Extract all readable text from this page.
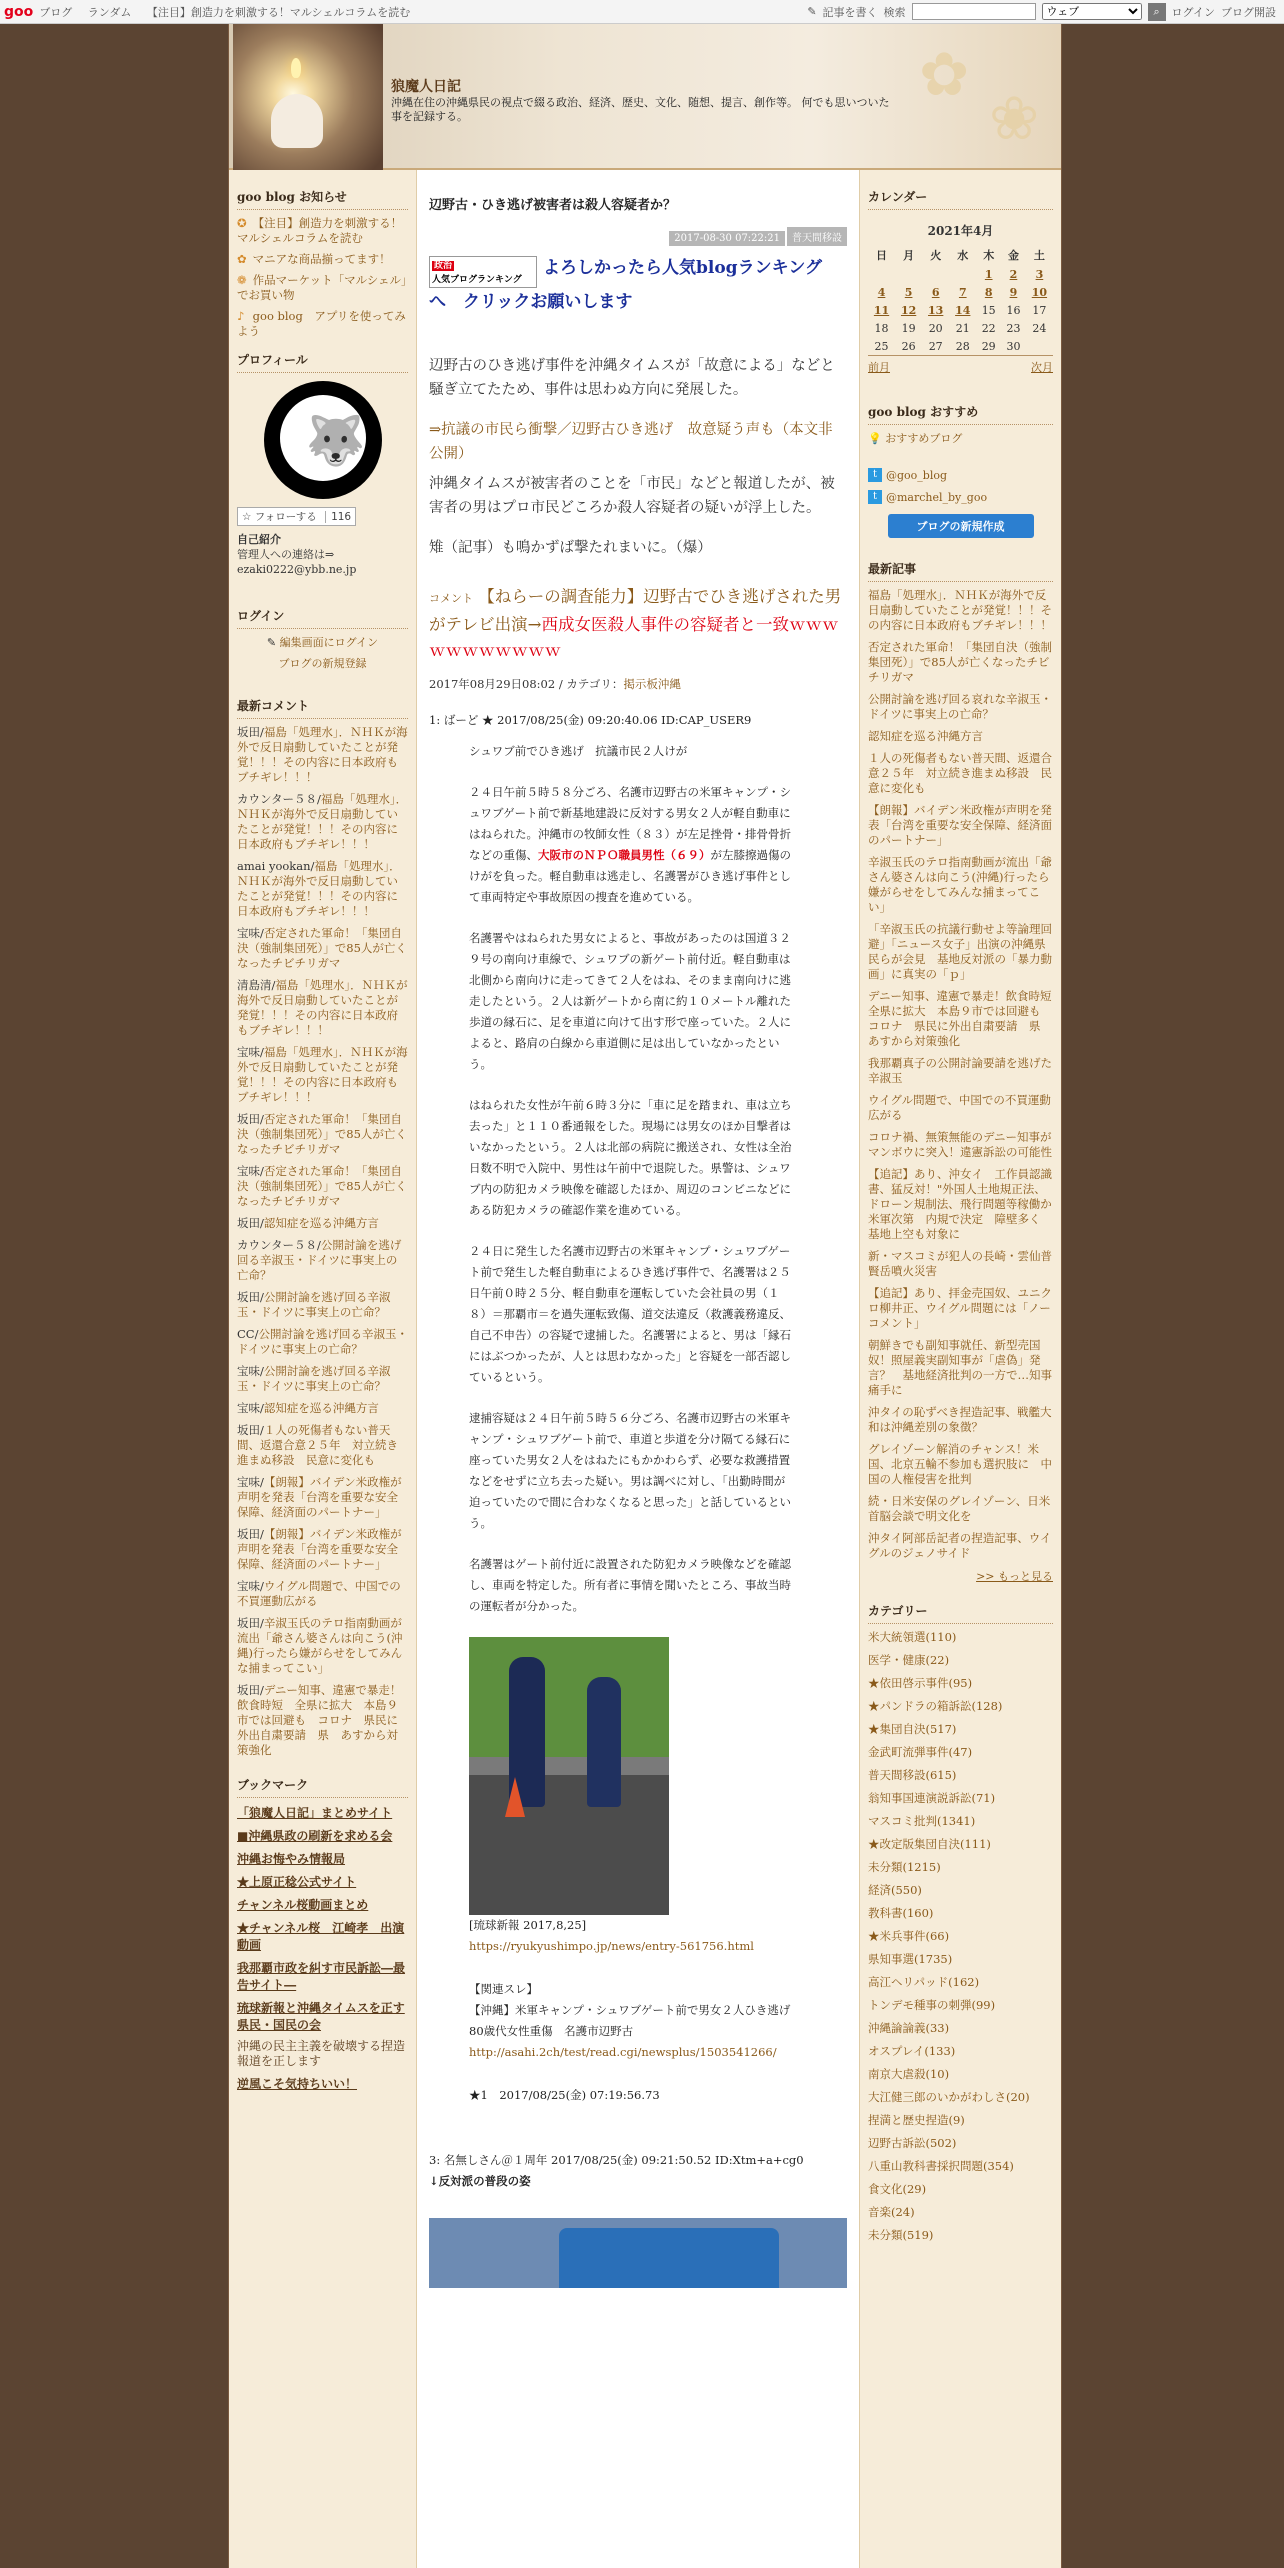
goo ブログ ランダム 【注目】創造力を刺激する！マルシェルコラムを読む	✎ 記事を書く 検索
ウェブ	⌕	ログイン ブログ開設
狼魔人日記
沖縄在住の沖縄県民の視点で綴る政治、経済、歴史、文化、随想、提言、創作等。 何でも思いついた事を記録する。
✿
❀
goo blog お知らせ
✪ 【注目】創造力を刺激する！マルシェルコラムを読む
✿ マニアな商品揃ってます！
❁ 作品マーケット「マルシェル」でお買い物
♪ goo blog　アプリを使ってみよう
プロフィール
🐺
☆ フォローする 116
自己紹介
管理人への連絡は⇒ ezaki0222@ybb.ne.jp
ログイン
✎ 編集画面にログイン
ブログの新規登録
最新コメント
坂田/福島「処理水」．ＮＨＫが海外で反日扇動していたことが発覚！！！その内容に日本政府もブチギレ！！！
カウンター５８/福島「処理水」．ＮＨＫが海外で反日扇動していたことが発覚！！！その内容に日本政府もブチギレ！！！
amai yookan/福島「処理水」．ＮＨＫが海外で反日扇動していたことが発覚！！！その内容に日本政府もブチギレ！！！
宝味/否定された軍命！「集団自決（強制集団死）」で85人が亡くなったチビチリガマ
清島清/福島「処理水」．ＮＨＫが海外で反日扇動していたことが発覚！！！その内容に日本政府もブチギレ！！！
宝味/福島「処理水」．ＮＨＫが海外で反日扇動していたことが発覚！！！その内容に日本政府もブチギレ！！！
坂田/否定された軍命！「集団自決（強制集団死）」で85人が亡くなったチビチリガマ
宝味/否定された軍命！「集団自決（強制集団死）」で85人が亡くなったチビチリガマ
坂田/認知症を巡る沖縄方言
カウンター５８/公開討論を逃げ回る辛淑玉・ドイツに事実上の亡命？
坂田/公開討論を逃げ回る辛淑玉・ドイツに事実上の亡命？
CC/公開討論を逃げ回る辛淑玉・ドイツに事実上の亡命？
宝味/公開討論を逃げ回る辛淑玉・ドイツに事実上の亡命？
宝味/認知症を巡る沖縄方言
坂田/１人の死傷者もない普天間、返還合意２５年　対立続き進まぬ移設　民意に変化も
宝味/【朗報】バイデン米政権が声明を発表「台湾を重要な安全保障、経済面のパートナー」
坂田/【朗報】バイデン米政権が声明を発表「台湾を重要な安全保障、経済面のパートナー」
宝味/ウイグル問題で、中国での不買運動広がる
坂田/辛淑玉氏のテロ指南動画が流出「爺さん婆さんは向こう(沖縄)行ったら嫌がらせをしてみんな捕まってこい」
坂田/デニー知事、違憲で暴走！飲食時短　全県に拡大　本島９市では回避も　コロナ　県民に外出自粛要請　県　あすから対策強化
ブックマーク
「狼魔人日記」まとめサイト
■沖縄県政の刷新を求める会
沖縄お悔やみ情報局
★上原正稔公式サイト
チャンネル桜動画まとめ
★チャンネル桜　江崎孝　出演動画
我那覇市政を糾す市民訴訟―最告サイト―
琉球新報と沖縄タイムスを正す県民・国民の会
沖縄の民主主義を破壊する捏造報道を正します
逆風こそ気持ちいい！
辺野古・ひき逃げ被害者は殺人容疑者か？
2017-08-30 07:22:21 普天間移設
政治
人気ブログランキング
よろしかったら人気blogランキング
へ　クリックお願いします
辺野古のひき逃げ事件を沖縄タイムスが「故意による」などと騒ぎ立てたため、事件は思わぬ方向に発展した。
⇒抗議の市民ら衝撃／辺野古ひき逃げ　故意疑う声も（本文非公開）
沖縄タイムスが被害者のことを「市民」などと報道したが、被害者の男はプロ市民どころか殺人容疑者の疑いが浮上した。
雉（記事）も鳴かずば撃たれまいに。（爆）
コメント 【ねらーの調査能力】辺野古でひき逃げされた男がテレビ出演→西成女医殺人事件の容疑者と一致ｗｗｗｗｗｗｗｗｗｗｗ
2017年08月29日08:02 / カテゴリ：掲示板沖縄
1: ばーど ★ 2017/08/25(金) 09:20:40.06 ID:CAP_USER9

シュワブ前でひき逃げ　抗議市民２人けが

２４日午前５時５８分ごろ、名護市辺野古の米軍キャンプ・シュワブゲート前で新基地建設に反対する男女２人が軽自動車にはねられた。沖縄市の牧師女性（８３）が左足挫骨・排骨骨折などの重傷、大阪市のＮＰＯ職員男性（６９）が左膝擦過傷のけがを負った。軽自動車は逃走し、名護署がひき逃げ事件として車両特定や事故原因の捜査を進めている。

名護署やはねられた男女によると、事故があったのは国道３２９号の南向け車線で、シュワブの新ゲート前付近。軽自動車は北側から南向けに走ってきて２人をはね、そのまま南向けに逃走したという。２人は新ゲートから南に約１０メートル離れた歩道の縁石に、足を車道に向けて出す形で座っていた。２人によると、路肩の白線から車道側に足は出していなかったという。

はねられた女性が午前６時３分に「車に足を踏まれ、車は立ち去った」と１１０番通報をした。現場には男女のほか目撃者はいなかったという。２人は北部の病院に搬送され、女性は全治日数不明で入院中、男性は午前中で退院した。県警は、シュワブ内の防犯カメラ映像を確認したほか、周辺のコンビニなどにある防犯カメラの確認作業を進めている。

２４日に発生した名護市辺野古の米軍キャンプ・シュワブゲート前で発生した軽自動車によるひき逃げ事件で、名護署は２５日午前０時２５分、軽自動車を運転していた会社員の男（１８）＝那覇市＝を過失運転致傷、道交法違反（救護義務違反、自己不申告）の容疑で逮捕した。名護署によると、男は「縁石にはぶつかったが、人とは思わなかった」と容疑を一部否認しているという。

逮捕容疑は２４日午前５時５６分ごろ、名護市辺野古の米軍キャンプ・シュワブゲート前で、車道と歩道を分け隔てる縁石に座っていた男女２人をはねたにもかかわらず、必要な救護措置などをせずに立ち去った疑い。男は調べに対し、「出勤時間が迫っていたので間に合わなくなると思った」と話しているという。

名護署はゲート前付近に設置された防犯カメラ映像などを確認し、車両を特定した。所有者に事情を聞いたところ、事故当時の運転者が分かった。

[琉球新報 2017,8,25]
https://ryukyushimpo.jp/news/entry-561756.html
【関連スレ】
【沖縄】米軍キャンプ・シュワブゲート前で男女２人ひき逃げ　80歳代女性重傷　名護市辺野古
http://asahi.2ch/test/read.cgi/newsplus/1503541266/
★1　2017/08/25(金) 07:19:56.73
3: 名無しさん＠１周年 2017/08/25(金) 09:21:50.52 ID:Xtm+a+cg0
↓反対派の普段の姿
カレンダー
2021年4月						
日	月	火	水	木	金	土
				1	2	3
4	5	6	7	8	9	10
11	12	13	14	15	16	17
18	19	20	21	22	23	24
25	26	27	28	29	30	
前月	次月
goo blog おすすめ
💡 おすすめブログ
t @goo_blog
t @marchel_by_goo
ブログの新規作成
最新記事
福島「処理水」．ＮＨＫが海外で反日扇動していたことが発覚！！！その内容に日本政府もブチギレ！！！
否定された軍命！「集団自決（強制集団死）」で85人が亡くなったチビチリガマ
公開討論を逃げ回る哀れな辛淑玉・ドイツに事実上の亡命？
認知症を巡る沖縄方言
１人の死傷者もない普天間、返還合意２５年　対立続き進まぬ移設　民意に変化も
【朗報】バイデン米政権が声明を発表「台湾を重要な安全保障、経済面のパートナー」
辛淑玉氏のテロ指南動画が流出「爺さん婆さんは向こう(沖縄)行ったら嫌がらせをしてみんな捕まってこい」
「辛淑玉氏の抗議行動せよ等論理回避」「ニュース女子」出演の沖縄県民らが会見　基地反対派の「暴力動画」に真実の「ｐ」
デニー知事、違憲で暴走！飲食時短　全県に拡大　本島９市では回避も　コロナ　県民に外出自粛要請　県　あすから対策強化
我那覇真子の公開討論要請を逃げた辛淑玉
ウイグル問題で、中国での不買運動広がる
コロナ禍、無策無能のデニー知事がマンボウに突入！違憲訴訟の可能性
【追記】あり、沖女イ　工作員認識書、猛反対！"外国人土地規正法、ドローン規制法、飛行問題等稼働か　米軍次第　内規で決定　障壁多く　　基地上空も対象に
新・マスコミが犯人の長崎・雲仙普賢岳噴火災害
【追記】あり、拝金売国奴、ユニクロ柳井正、ウイグル問題には「ノーコメント」
朝鮮きでも副知事就任、新型売国奴！照屋義実副知事が「虐偽」発言？　基地経済批判の一方で…知事痛手に
沖タイの恥ずべき捏造記事、戦艦大和は沖縄差別の象徴？
グレイゾーン解消のチャンス！米国、北京五輪不参加も選択肢に　中国の人権侵害を批判
続・日米安保のグレイゾーン、日米首脳会談で明文化を
沖タイ阿部岳記者の捏造記事、ウイグルのジェノサイド
>> もっと見る
カテゴリー
米大統領選(110)
医学・健康(22)
★依田啓示事件(95)
★パンドラの箱訴訟(128)
★集団自決(517)
金武町流弾事件(47)
普天間移設(615)
翁知事国連演説訴訟(71)
マスコミ批判(1341)
★改定版集団自決(111)
未分類(1215)
経済(550)
教科書(160)
★米兵事件(66)
県知事選(1735)
高江ヘリパッド(162)
トンデモ種事の刺弾(99)
沖縄論論義(33)
オスプレイ(133)
南京大虐殺(10)
大江健三郎のいかがわしさ(20)
捏満と歴史捏造(9)
辺野古訴訟(502)
八重山教科書採択問題(354)
食文化(29)
音楽(24)
未分類(519)
